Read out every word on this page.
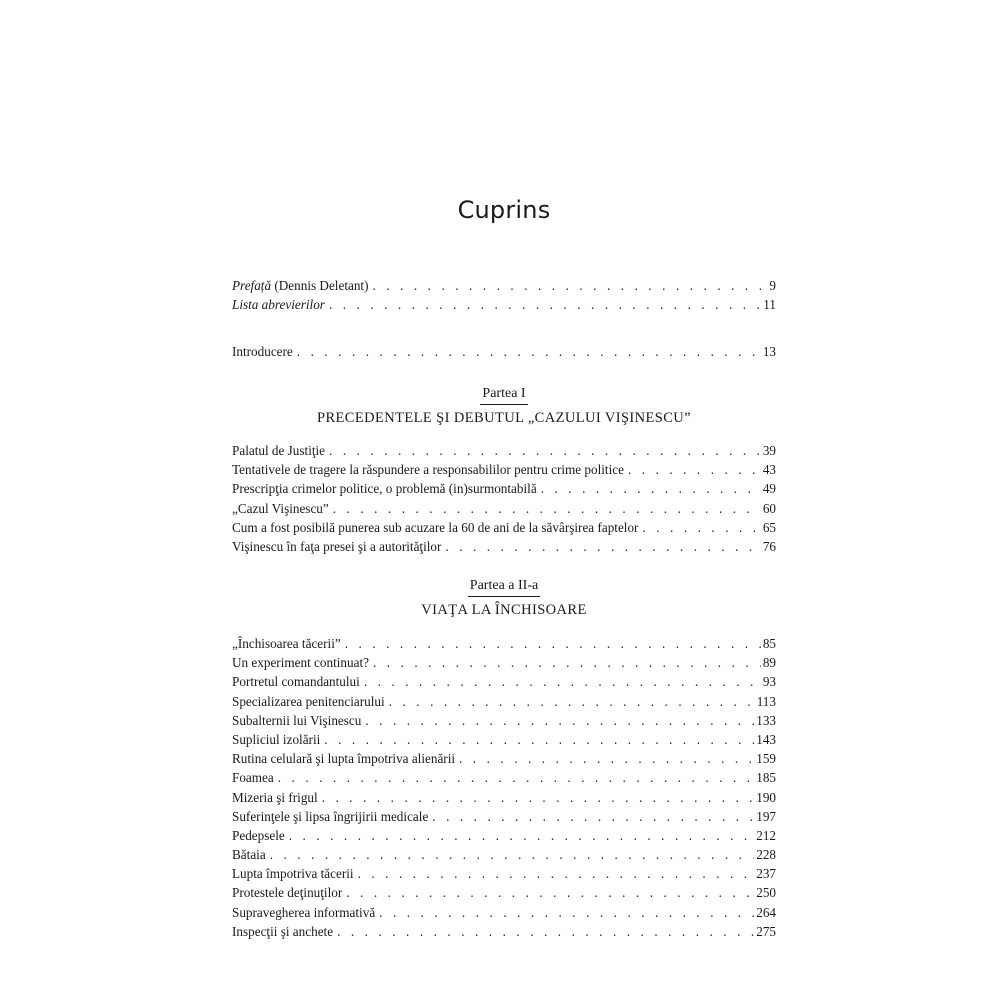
Cuprins
Prefață (Dennis Deletant) . . .	9
Lista abrevierilor . . .	11
Introducere . . .	13
Partea I
PRECEDENTELE ŞI DEBUTUL „CAZULUI VIŞINESCU”
Palatul de Justiţie . . .	39
Tentativele de tragere la răspundere a responsabililor pentru crime politice . . .	43
Prescripţia crimelor politice, o problemă (in)surmontabilă . . .	49
„Cazul Vişinescu” . . .	60
Cum a fost posibilă punerea sub acuzare la 60 de ani de la săvârşirea faptelor . . .	65
Vişinescu în faţa presei şi a autorităţilor . . .	76
Partea a II-a
VIAŢA LA ÎNCHISOARE
„Închisoarea tăcerii” . . .	85
Un experiment continuat? . . .	89
Portretul comandantului . . .	93
Specializarea penitenciarului . . .	113
Subalternii lui Vişinescu . . .	133
Supliciul izolării . . .	143
Rutina celulară şi lupta împotriva alienării . . .	159
Foamea . . .	185
Mizeria şi frigul . . .	190
Suferinţele şi lipsa îngrijirii medicale . . .	197
Pedepsele . . .	212
Bătaia . . .	228
Lupta împotriva tăcerii . . .	237
Protestele deţinuţilor . . .	250
Supravegherea informativă . . .	264
Inspecţii şi anchete . . .	275
